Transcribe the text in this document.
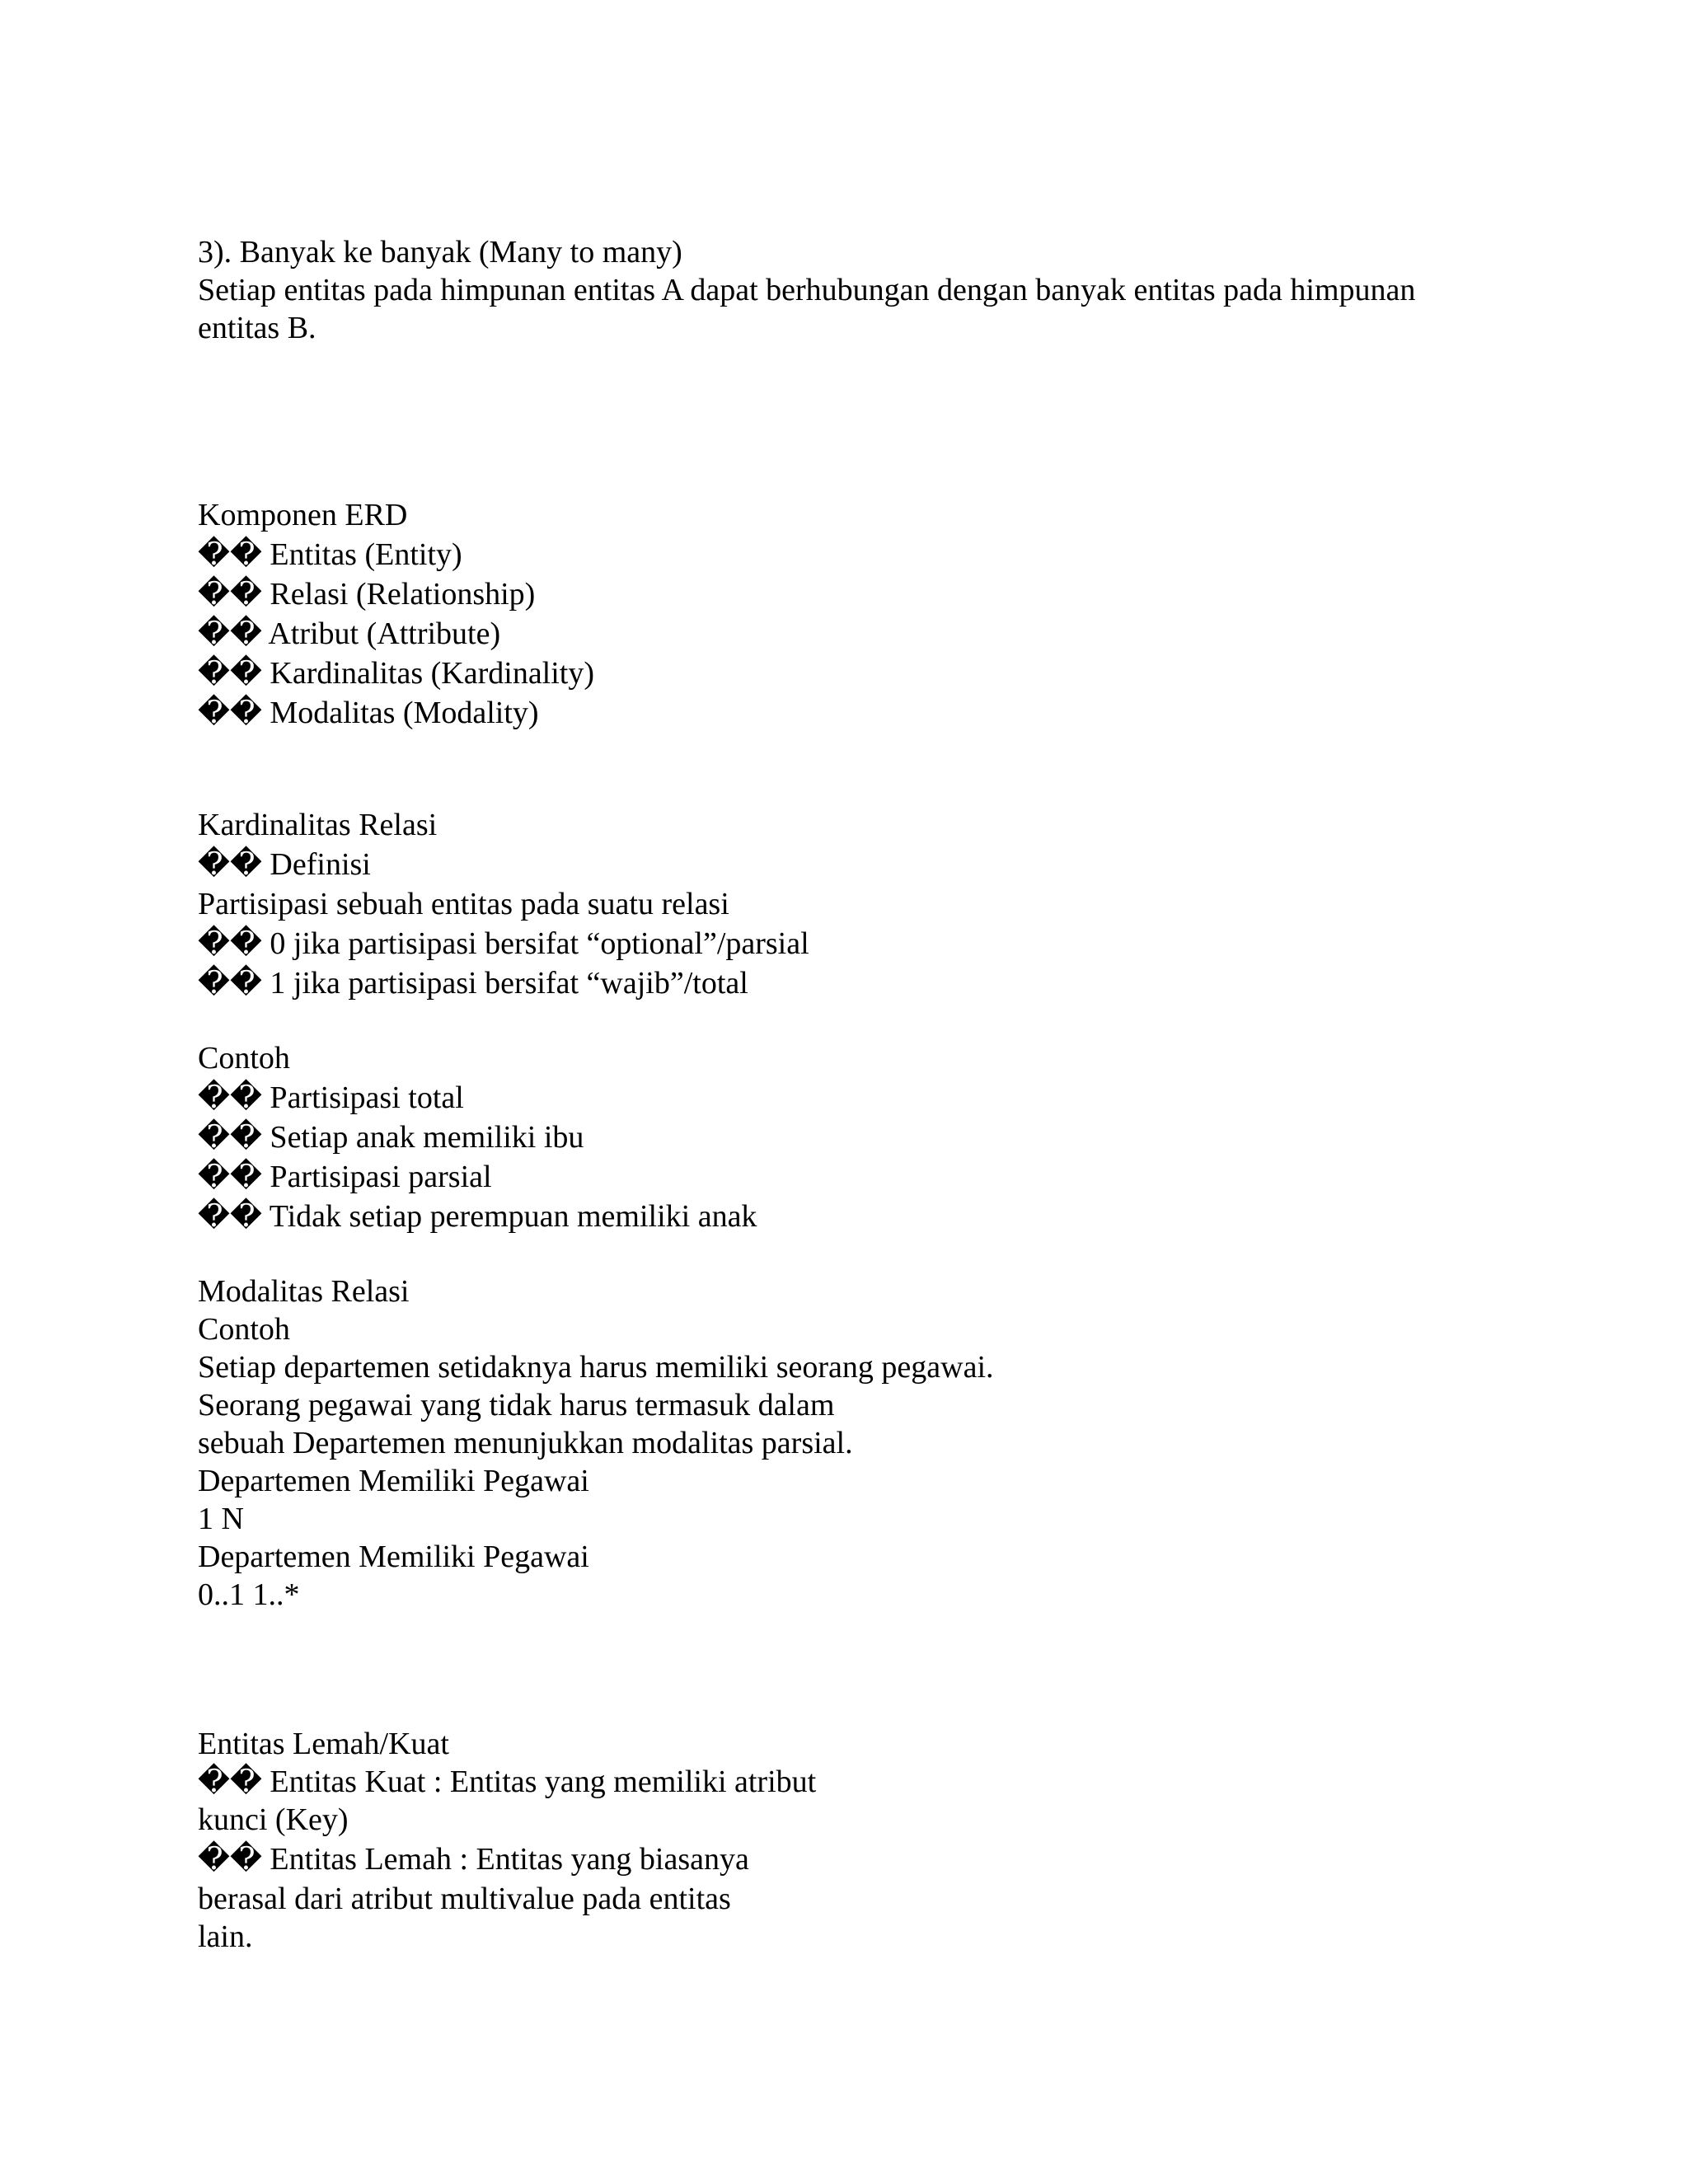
3). Banyak ke banyak (Many to many)
Setiap entitas pada himpunan entitas A dapat berhubungan dengan banyak entitas pada himpunan
entitas B.
Komponen ERD
�� Entitas (Entity)
�� Relasi (Relationship)
�� Atribut (Attribute)
�� Kardinalitas (Kardinality)
�� Modalitas (Modality)
Kardinalitas Relasi
�� Definisi
Partisipasi sebuah entitas pada suatu relasi
�� 0 jika partisipasi bersifat “optional”/parsial
�� 1 jika partisipasi bersifat “wajib”/total
Contoh
�� Partisipasi total
�� Setiap anak memiliki ibu
�� Partisipasi parsial
�� Tidak setiap perempuan memiliki anak
Modalitas Relasi
Contoh
Setiap departemen setidaknya harus memiliki seorang pegawai.
Seorang pegawai yang tidak harus termasuk dalam
sebuah Departemen menunjukkan modalitas parsial.
Departemen Memiliki Pegawai
1 N
Departemen Memiliki Pegawai
0..1 1..*
Entitas Lemah/Kuat
�� Entitas Kuat : Entitas yang memiliki atribut
kunci (Key)
�� Entitas Lemah : Entitas yang biasanya
berasal dari atribut multivalue pada entitas
lain.
